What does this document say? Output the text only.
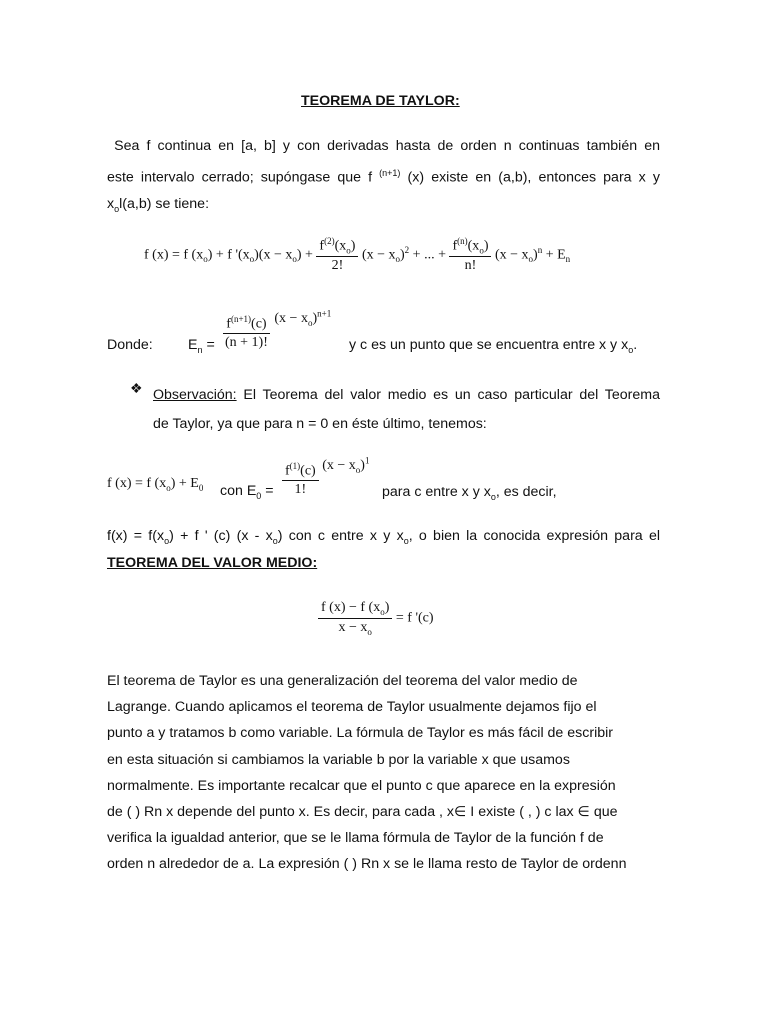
TEOREMA DE TAYLOR:
Sea f continua en [a, b] y con derivadas hasta de orden n continuas también en
este intervalo cerrado; supóngase que f $^{(n+1)}$ (x) existe en (a,b), entonces para x y
$x_ol(a,b)$ se tiene:
f (x) = f $(x_o) + f$ '$(x_o)(x - x_o) + \frac{f^{(2)}(x_o)}{2!} (x - x_o)^2$ + ... + $\frac{f^{(n)}(x_o)}{n!} (x - x_o)^n + E_n$
Donde: $E_n = \frac{f^{(n+1)}(c)}{(n + 1)!} (x - x_o)^{n+1}$
y c es un punto que se encuentra entre x y $x_o$.
❖ Observación: El Teorema del valor medio es un caso particular del Teorema
de Taylor, ya que para n = 0 en éste último, tenemos:
f (x) = f $(x_o) + E_0$ con $E_0 = \frac{f^{(1)}(c)}{1!} (x - x_o)^1$
para c entre x y $x_o$, es decir,
$f(x) = f(x_o) + f$ ' (c) $(x - x_o)$ con c entre x y $x_o$, o bien la conocida expresión para el
TEOREMA DEL VALOR MEDIO:
$\frac{f (x) - f (x_o)}{x - x_o} = f$ '(c)
El teorema de Taylor es una generalización del teorema del valor medio de
Lagrange. Cuando aplicamos el teorema de Taylor usualmente dejamos fijo el
punto a y tratamos b como variable. La fórmula de Taylor es más fácil de escribir
en esta situación si cambiamos la variable b por la variable x que usamos
normalmente. Es importante recalcar que el punto c que aparece en la expresión
de ( ) Rn x depende del punto x. Es decir, para cada , x∈ I existe ( , ) c lax ∈ que
verifica la igualdad anterior, que se le llama fórmula de Taylor de la función f de
orden n alrededor de a. La expresión ( ) Rn x se le llama resto de Taylor de ordenn
